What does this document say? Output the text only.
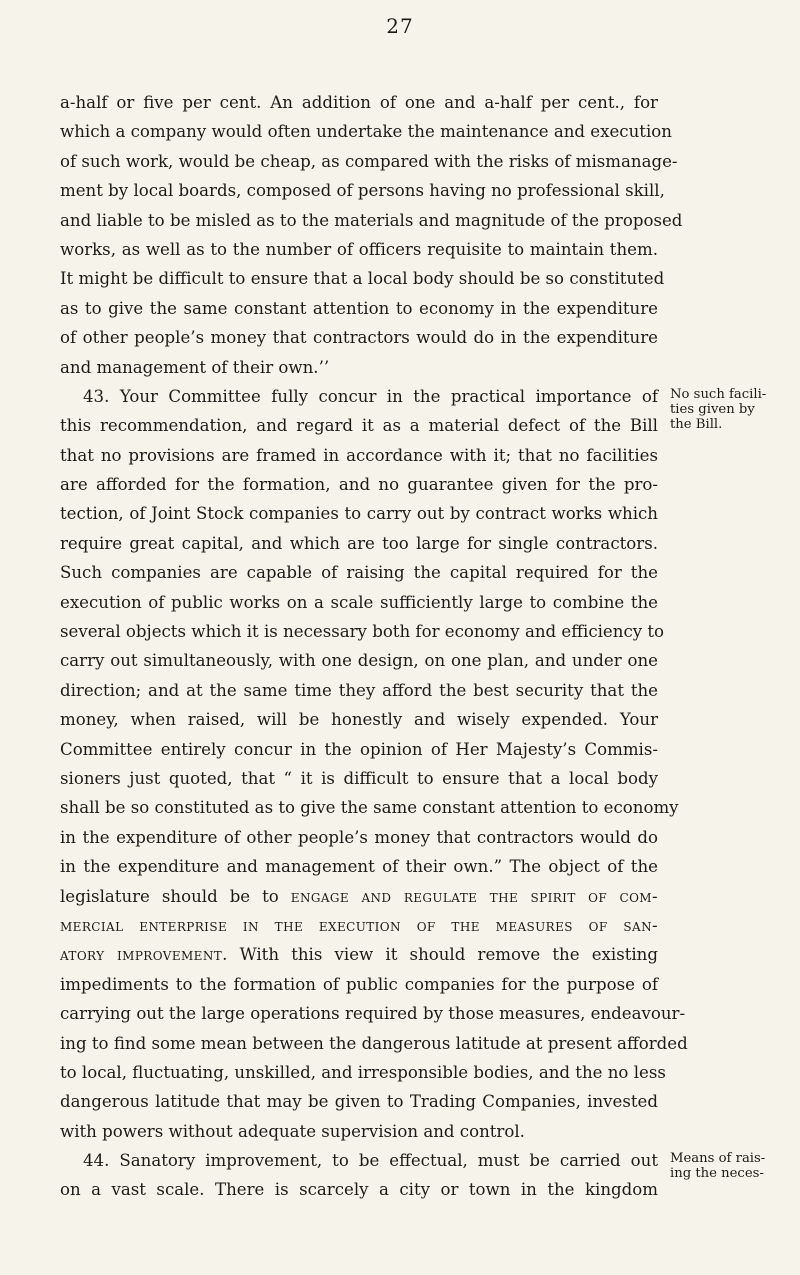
27
a-half or five per cent. An addition of one and a-half per cent., for
which a company would often undertake the maintenance and execution
of such work, would be cheap, as compared with the risks of mismanage-
ment by local boards, composed of persons having no professional skill,
and liable to be misled as to the materials and magnitude of the proposed
works, as well as to the number of officers requisite to maintain them.
It might be difficult to ensure that a local body should be so constituted
as to give the same constant attention to economy in the expenditure
of other people’s money that contractors would do in the expenditure
and management of their own.’’
43. Your Committee fully concur in the practical importance of
this recommendation, and regard it as a material defect of the Bill
that no provisions are framed in accordance with it; that no facilities
are afforded for the formation, and no guarantee given for the pro-
tection, of Joint Stock companies to carry out by contract works which
require great capital, and which are too large for single contractors.
Such companies are capable of raising the capital required for the
execution of public works on a scale sufficiently large to combine the
several objects which it is necessary both for economy and efficiency to
carry out simultaneously, with one design, on one plan, and under one
direction; and at the same time they afford the best security that the
money, when raised, will be honestly and wisely expended. Your
Committee entirely concur in the opinion of Her Majesty’s Commis-
sioners just quoted, that “ it is difficult to ensure that a local body
shall be so constituted as to give the same constant attention to economy
in the expenditure of other people’s money that contractors would do
in the expenditure and management of their own.” The object of the
legislature should be to engage and regulate the spirit of com-
mercial enterprise in the execution of the measures of san-
atory improvement. With this view it should remove the existing
impediments to the formation of public companies for the purpose of
carrying out the large operations required by those measures, endeavour-
ing to find some mean between the dangerous latitude at present afforded
to local, fluctuating, unskilled, and irresponsible bodies, and the no less
dangerous latitude that may be given to Trading Companies, invested
with powers without adequate supervision and control.
44. Sanatory improvement, to be effectual, must be carried out
on a vast scale. There is scarcely a city or town in the kingdom
No such facili-
ties given by
the Bill.
Means of rais-
ing the neces-
